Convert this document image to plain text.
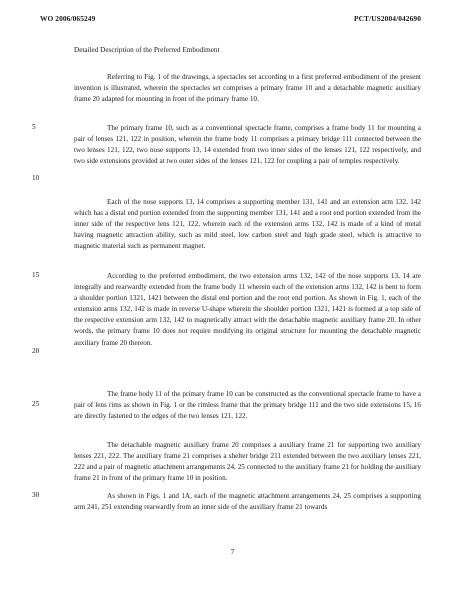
WO 2006/065249	PCT/US2004/042690
Detailed Description of the Preferred Embodiment

Referring to Fig. 1 of the drawings, a spectacles set according to a first preferred embodiment of the present invention is illustrated, wherein the spectacles set comprises a primary frame 10 and a detachable magnetic auxiliary frame 20 adapted for mounting in front of the primary frame 10.

The primary frame 10, such as a conventional spectacle frame, comprises a frame body 11 for mounting a pair of lenses 121, 122 in position, wherein the frame body 11 comprises a primary bridge 111 connected between the two lenses 121, 122, two nose supports 13, 14 extended from two inner sides of the lenses 121, 122 respectively, and two side extensions provided at two outer sides of the lenses 121, 122 for coupling a pair of temples respectively.

Each of the nose supports 13, 14 comprises a supporting member 131, 141 and an extension arm 132, 142 which has a distal end portion extended from the supporting member 131, 141 and a root end portion extended from the inner side of the respective lens 121, 122, wherein each of the extension arms 132, 142 is made of a kind of metal having magnetic attraction ability, such as mild steel, low carbon steel and high grade steel, which is attractive to magnetic material such as permanent magnet.

According to the preferred embodiment, the two extension arms 132, 142 of the nose supports 13, 14 are integrally and rearwardly extended from the frame body 11 wherein each of the extension arms 132, 142 is bent to form a shoulder portion 1321, 1421 between the distal end portion and the root end portion. As shown in Fig. 1, each of the extension arms 132, 142 is made in reverse U-shape wherein the shoulder portion 1321, 1421 is formed at a top side of the respective extension arm 132, 142 to magnetically attract with the detachable magnetic auxiliary frame 20. In other words, the primary frame 10 does not require modifying its original structure for mounting the detachable magnetic auxiliary frame 20 thereon.

The frame body 11 of the primary frame 10 can be constructed as the conventional spectacle frame to have a pair of lens rims as shown in Fig. 1 or the rimless frame that the primary bridge 111 and the two side extensions 15, 16 are directly fastened to the edges of the two lenses 121, 122.

The detachable magnetic auxiliary frame 20 comprises a auxiliary frame 21 for supporting two auxiliary lenses 221, 222. The auxiliary frame 21 comprises a shelter bridge 211 extended between the two auxiliary lenses 221, 222 and a pair of magnetic attachment arrangements 24, 25 connected to the auxiliary frame 21 for holding the auxiliary frame 21 in front of the primary frame 10 in position.

As shown in Figs. 1 and 1A, each of the magnetic attachment arrangements 24, 25 comprises a supporting arm 241, 251 extending rearwardly from an inner side of the auxiliary frame 21 towards

5
10
15
20
25
30
7
